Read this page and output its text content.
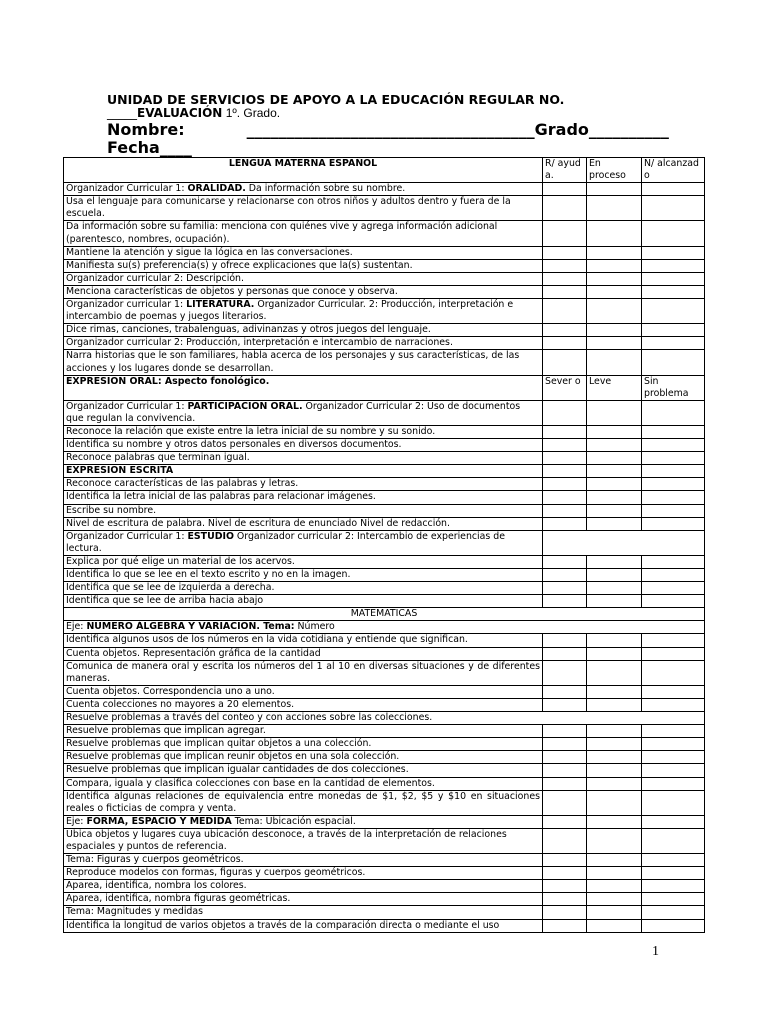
UNIDAD DE SERVICIOS DE APOYO A LA EDUCACIÓN REGULAR NO.
_____EVALUACIÓN 1º. Grado.
Nombre:	____________________________________Grado__________
Fecha____
LENGUA MATERNA ESPAÑOL	R/ ayud a.	En proceso	N/ alcanzad o
Organizador Curricular 1: ORALIDAD. Da información sobre su nombre.			
Usa el lenguaje para comunicarse y relacionarse con otros niños y adultos dentro y fuera de la escuela.			
Da información sobre su familia: menciona con quiénes vive y agrega información adicional (parentesco, nombres, ocupación).			
Mantiene la atención y sigue la lógica en las conversaciones.			
Manifiesta su(s) preferencia(s) y ofrece explicaciones que la(s) sustentan.			
Organizador curricular 2: Descripción.			
Menciona características de objetos y personas que conoce y observa.			
Organizador curricular 1: LITERATURA. Organizador Curricular. 2: Producción, interpretación e intercambio de poemas y juegos literarios.			
Dice rimas, canciones, trabalenguas, adivinanzas y otros juegos del lenguaje.			
Organizador curricular 2: Producción, interpretación e intercambio de narraciones.			
Narra historias que le son familiares, habla acerca de los personajes y sus características, de las acciones y los lugares donde se desarrollan.			
EXPRESIÓN ORAL: Aspecto fonológico.	Sever o	Leve	Sin problema
Organizador Curricular 1: PARTICIPACIÓN ORAL. Organizador Curricular 2: Uso de documentos que regulan la convivencia.			
Reconoce la relación que existe entre la letra inicial de su nombre y su sonido.			
Identifica su nombre y otros datos personales en diversos documentos.			
Reconoce palabras que terminan igual.			
EXPRESIÓN ESCRITA			
Reconoce características de las palabras y letras.			
Identifica la letra inicial de las palabras para relacionar imágenes.			
Escribe su nombre.			
Nivel de escritura de palabra. Nivel de escritura de enunciado Nivel de redacción.			
Organizador Curricular 1: ESTUDIO Organizador curricular 2: Intercambio de experiencias de lectura.			
Explica por qué elige un material de los acervos.			
Identifica lo que se lee en el texto escrito y no en la imagen.			
Identifica que se lee de izquierda a derecha.			
Identifica que se lee de arriba hacia abajo			
MATEMATICAS			
Eje: NÚMERO ÁLGEBRA Y VARIACIÓN. Tema: Número			
Identifica algunos usos de los números en la vida cotidiana y entiende que significan.			
Cuenta objetos. Representación gráfica de la cantidad			
Comunica de manera oral y escrita los números del 1 al 10 en diversas situaciones y de diferentes maneras.			
Cuenta objetos. Correspondencia uno a uno.			
Cuenta colecciones no mayores a 20 elementos.			
Resuelve problemas a través del conteo y con acciones sobre las colecciones.			
Resuelve problemas que implican agregar.			
Resuelve problemas que implican quitar objetos a una colección.			
Resuelve problemas que implican reunir objetos en una sola colección.			
Resuelve problemas que implican igualar cantidades de dos colecciones.			
Compara, iguala y clasifica colecciones con base en la cantidad de elementos.			
Identifica algunas relaciones de equivalencia entre monedas de $1, $2, $5 y $10 en situaciones reales o ficticias de compra y venta.			
Eje: FORMA, ESPACIO Y MEDIDA Tema: Ubicación espacial.			
Ubica objetos y lugares cuya ubicación desconoce, a través de la interpretación de relaciones espaciales y puntos de referencia.			
Tema: Figuras y cuerpos geométricos.			
Reproduce modelos con formas, figuras y cuerpos geométricos.			
Aparea, identifica, nombra los colores.			
Aparea, identifica, nombra figuras geométricas.			
Tema: Magnitudes y medidas			
Identifica la longitud de varios objetos a través de la comparación directa o mediante el uso			
1
